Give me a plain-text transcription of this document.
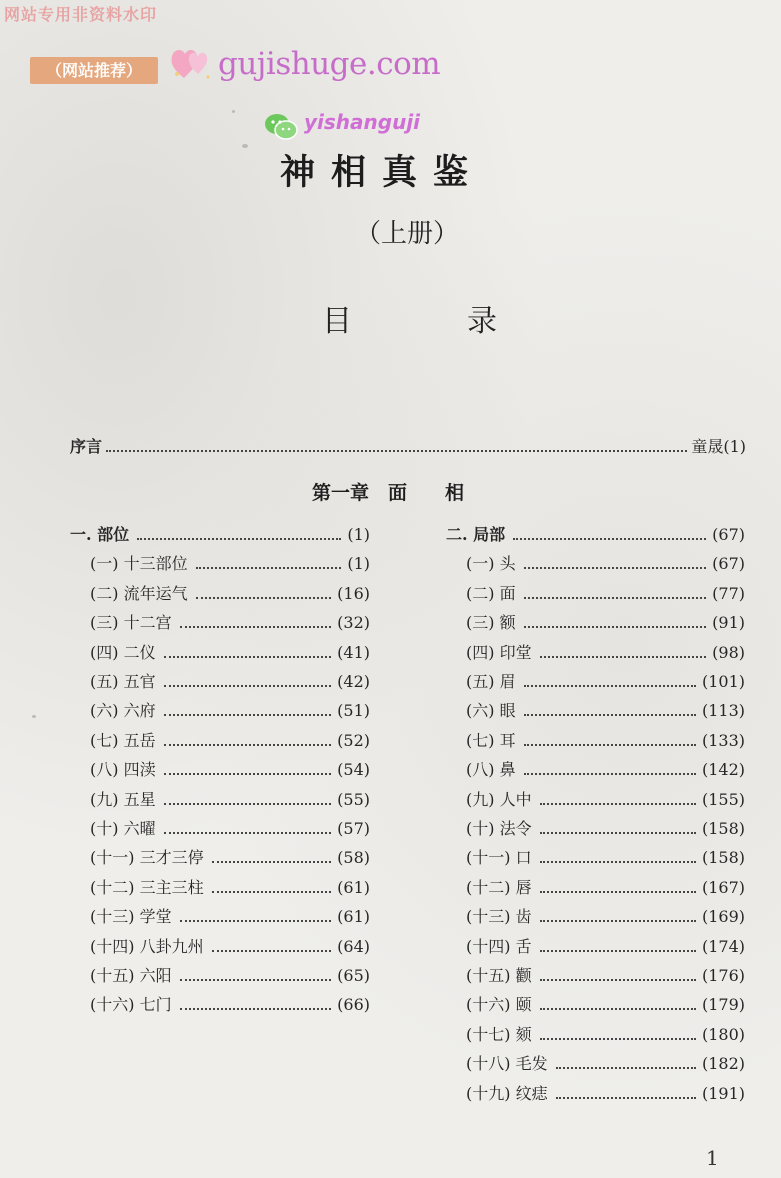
网站专用非资料水印
（网站推荐）	gujishuge.com
yishanguji
神相真鉴
（上册）
目	录
序言	童晟(1)
第一章　面　　相
一. 部位	(1)
(一) 十三部位	(1)
(二) 流年运气	(16)
(三) 十二宫	(32)
(四) 二仪	(41)
(五) 五官	(42)
(六) 六府	(51)
(七) 五岳	(52)
(八) 四渎	(54)
(九) 五星	(55)
(十) 六曜	(57)
(十一) 三才三停	(58)
(十二) 三主三柱	(61)
(十三) 学堂	(61)
(十四) 八卦九州	(64)
(十五) 六阳	(65)
(十六) 七门	(66)
二. 局部	(67)
(一) 头	(67)
(二) 面	(77)
(三) 额	(91)
(四) 印堂	(98)
(五) 眉	(101)
(六) 眼	(113)
(七) 耳	(133)
(八) 鼻	(142)
(九) 人中	(155)
(十) 法令	(158)
(十一) 口	(158)
(十二) 唇	(167)
(十三) 齿	(169)
(十四) 舌	(174)
(十五) 颧	(176)
(十六) 颐	(179)
(十七) 颏	(180)
(十八) 毛发	(182)
(十九) 纹痣	(191)
1
